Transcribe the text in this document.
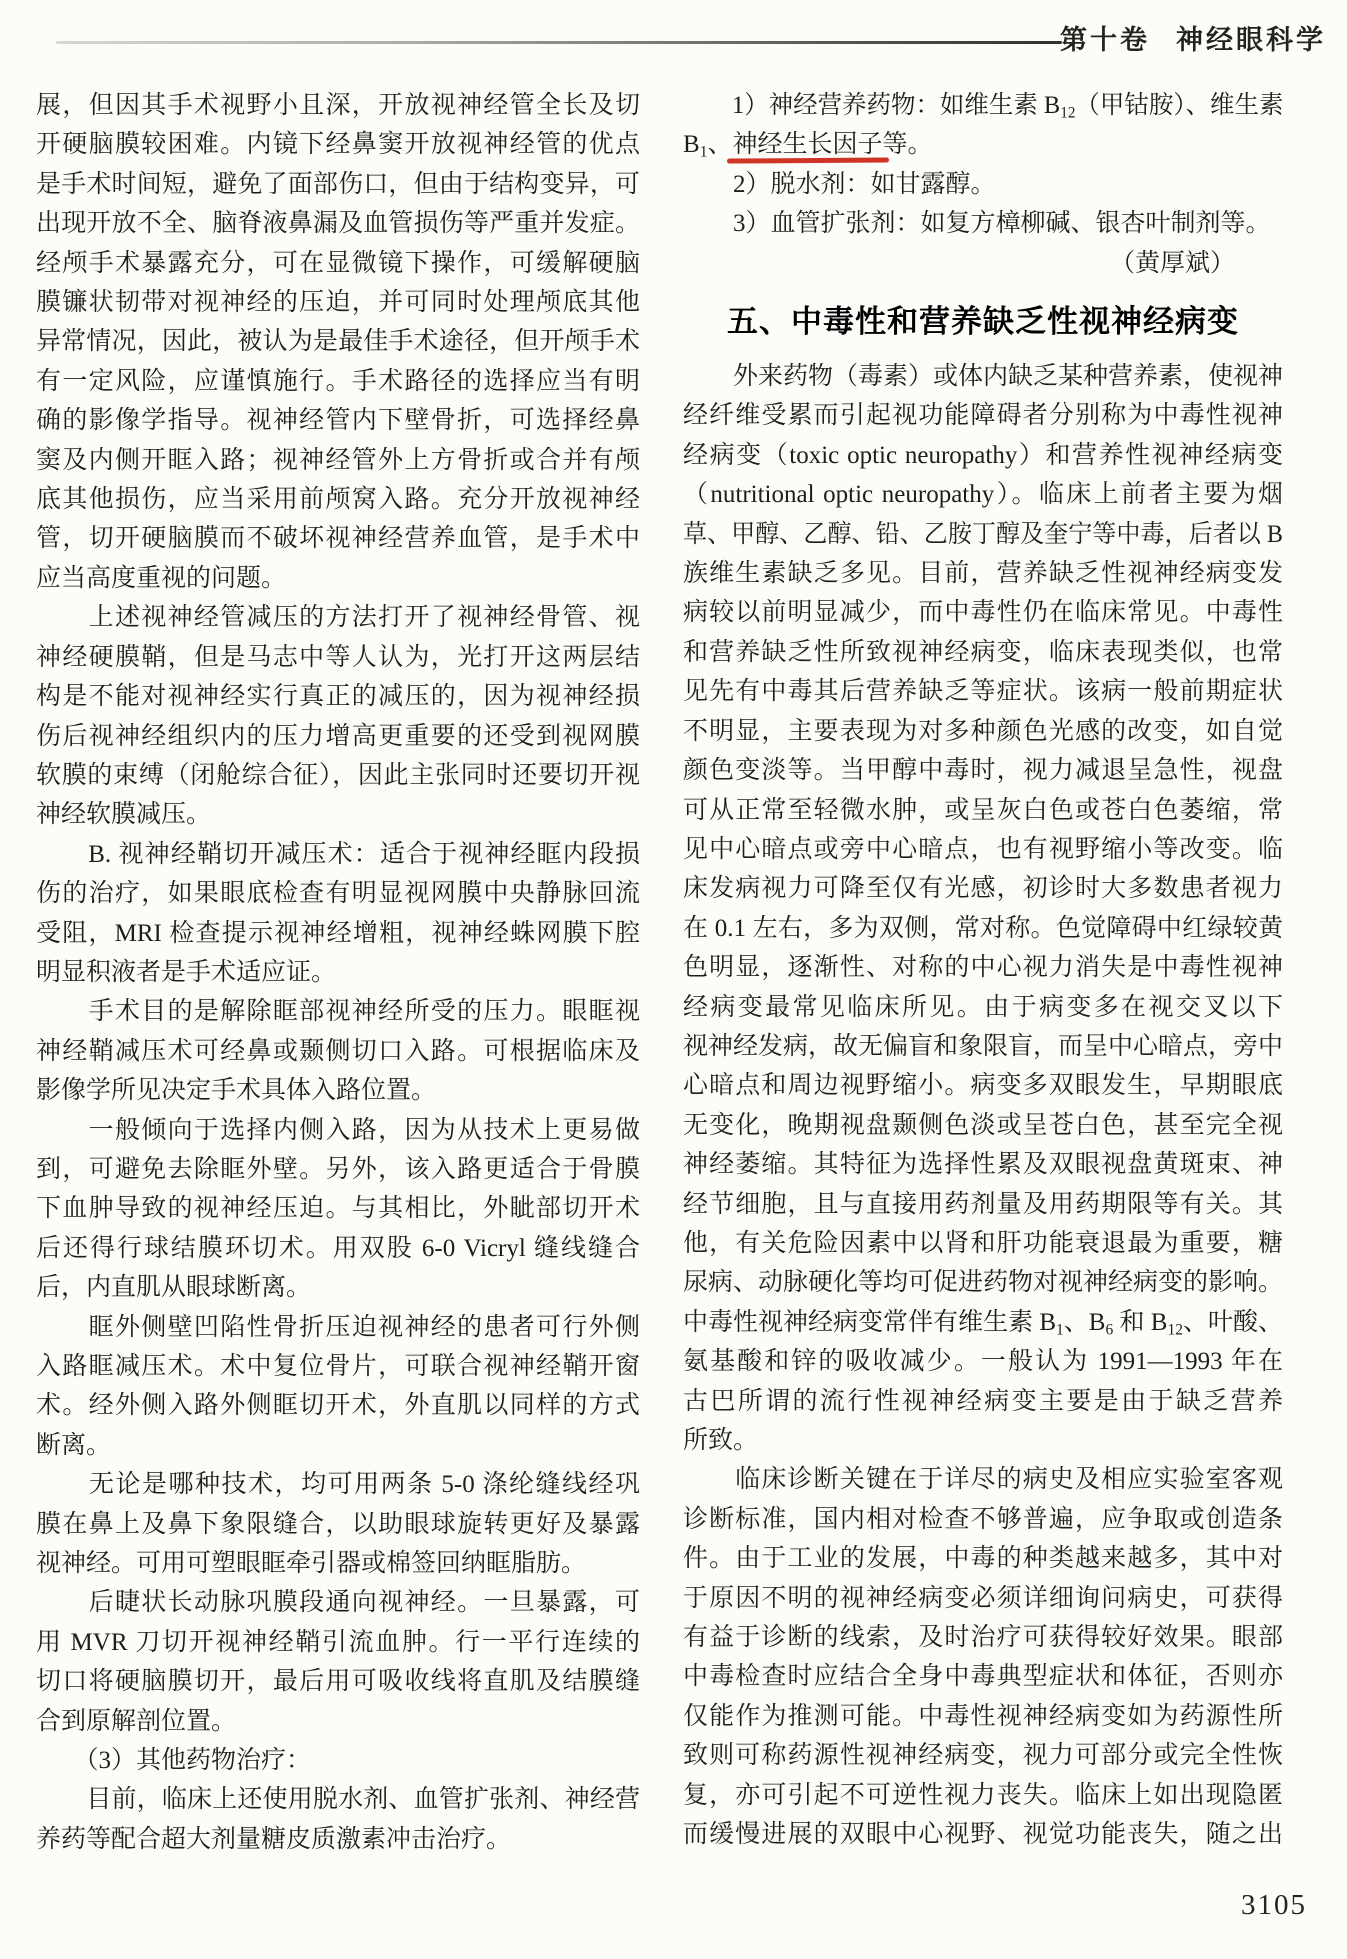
第十卷 神经眼科学
展，但因其手术视野小且深，开放视神经管全长及切
开硬脑膜较困难。内镜下经鼻窦开放视神经管的优点
是手术时间短，避免了面部伤口，但由于结构变异，可
出现开放不全、脑脊液鼻漏及血管损伤等严重并发症。
经颅手术暴露充分，可在显微镜下操作，可缓解硬脑
膜镰状韧带对视神经的压迫，并可同时处理颅底其他
异常情况，因此，被认为是最佳手术途径，但开颅手术
有一定风险，应谨慎施行。手术路径的选择应当有明
确的影像学指导。视神经管内下壁骨折，可选择经鼻
窦及内侧开眶入路；视神经管外上方骨折或合并有颅
底其他损伤，应当采用前颅窝入路。充分开放视神经
管，切开硬脑膜而不破坏视神经营养血管，是手术中
应当高度重视的问题。
　　上述视神经管减压的方法打开了视神经骨管、视
神经硬膜鞘，但是马志中等人认为，光打开这两层结
构是不能对视神经实行真正的减压的，因为视神经损
伤后视神经组织内的压力增高更重要的还受到视网膜
软膜的束缚（闭舱综合征），因此主张同时还要切开视
神经软膜减压。
　　B. 视神经鞘切开减压术：适合于视神经眶内段损
伤的治疗，如果眼底检查有明显视网膜中央静脉回流
受阻，MRI 检查提示视神经增粗，视神经蛛网膜下腔
明显积液者是手术适应证。
　　手术目的是解除眶部视神经所受的压力。眼眶视
神经鞘减压术可经鼻或颞侧切口入路。可根据临床及
影像学所见决定手术具体入路位置。
　　一般倾向于选择内侧入路，因为从技术上更易做
到，可避免去除眶外壁。另外，该入路更适合于骨膜
下血肿导致的视神经压迫。与其相比，外眦部切开术
后还得行球结膜环切术。用双股 6-0 Vicryl 缝线缝合
后，内直肌从眼球断离。
　　眶外侧壁凹陷性骨折压迫视神经的患者可行外侧
入路眶减压术。术中复位骨片，可联合视神经鞘开窗
术。经外侧入路外侧眶切开术，外直肌以同样的方式
断离。
　　无论是哪种技术，均可用两条 5-0 涤纶缝线经巩
膜在鼻上及鼻下象限缝合，以助眼球旋转更好及暴露
视神经。可用可塑眼眶牵引器或棉签回纳眶脂肪。
　　后睫状长动脉巩膜段通向视神经。一旦暴露，可
用 MVR 刀切开视神经鞘引流血肿。行一平行连续的
切口将硬脑膜切开，最后用可吸收线将直肌及结膜缝
合到原解剖位置。
　　（3）其他药物治疗：
　　目前，临床上还使用脱水剂、血管扩张剂、神经营
养药等配合超大剂量糖皮质激素冲击治疗。
　　1）神经营养药物：如维生素 $B_{12}$（甲钴胺）、维生素
$B_1$、神经生长因子等。
　　2）脱水剂：如甘露醇。
　　3）血管扩张剂：如复方樟柳碱、银杏叶制剂等。
（黄厚斌）
五、中毒性和营养缺乏性视神经病变
　　外来药物（毒素）或体内缺乏某种营养素，使视神
经纤维受累而引起视功能障碍者分别称为中毒性视神
经病变（toxic optic neuropathy）和营养性视神经病变
（nutritional optic neuropathy）。临床上前者主要为烟
草、甲醇、乙醇、铅、乙胺丁醇及奎宁等中毒，后者以 B
族维生素缺乏多见。目前，营养缺乏性视神经病变发
病较以前明显减少，而中毒性仍在临床常见。中毒性
和营养缺乏性所致视神经病变，临床表现类似，也常
见先有中毒其后营养缺乏等症状。该病一般前期症状
不明显，主要表现为对多种颜色光感的改变，如自觉
颜色变淡等。当甲醇中毒时，视力减退呈急性，视盘
可从正常至轻微水肿，或呈灰白色或苍白色萎缩，常
见中心暗点或旁中心暗点，也有视野缩小等改变。临
床发病视力可降至仅有光感，初诊时大多数患者视力
在 0.1 左右，多为双侧，常对称。色觉障碍中红绿较黄
色明显，逐渐性、对称的中心视力消失是中毒性视神
经病变最常见临床所见。由于病变多在视交叉以下
视神经发病，故无偏盲和象限盲，而呈中心暗点，旁中
心暗点和周边视野缩小。病变多双眼发生，早期眼底
无变化，晚期视盘颞侧色淡或呈苍白色，甚至完全视
神经萎缩。其特征为选择性累及双眼视盘黄斑束、神
经节细胞，且与直接用药剂量及用药期限等有关。其
他，有关危险因素中以肾和肝功能衰退最为重要，糖
尿病、动脉硬化等均可促进药物对视神经病变的影响。
中毒性视神经病变常伴有维生素 $B_1$、$B_6$ 和 $B_{12}$、叶酸、
氨基酸和锌的吸收减少。一般认为 1991—1993 年在
古巴所谓的流行性视神经病变主要是由于缺乏营养
所致。
　　临床诊断关键在于详尽的病史及相应实验室客观
诊断标准，国内相对检查不够普遍，应争取或创造条
件。由于工业的发展，中毒的种类越来越多，其中对
于原因不明的视神经病变必须详细询问病史，可获得
有益于诊断的线索，及时治疗可获得较好效果。眼部
中毒检查时应结合全身中毒典型症状和体征，否则亦
仅能作为推测可能。中毒性视神经病变如为药源性所
致则可称药源性视神经病变，视力可部分或完全性恢
复，亦可引起不可逆性视力丧失。临床上如出现隐匿
而缓慢进展的双眼中心视野、视觉功能丧失，随之出
3105
